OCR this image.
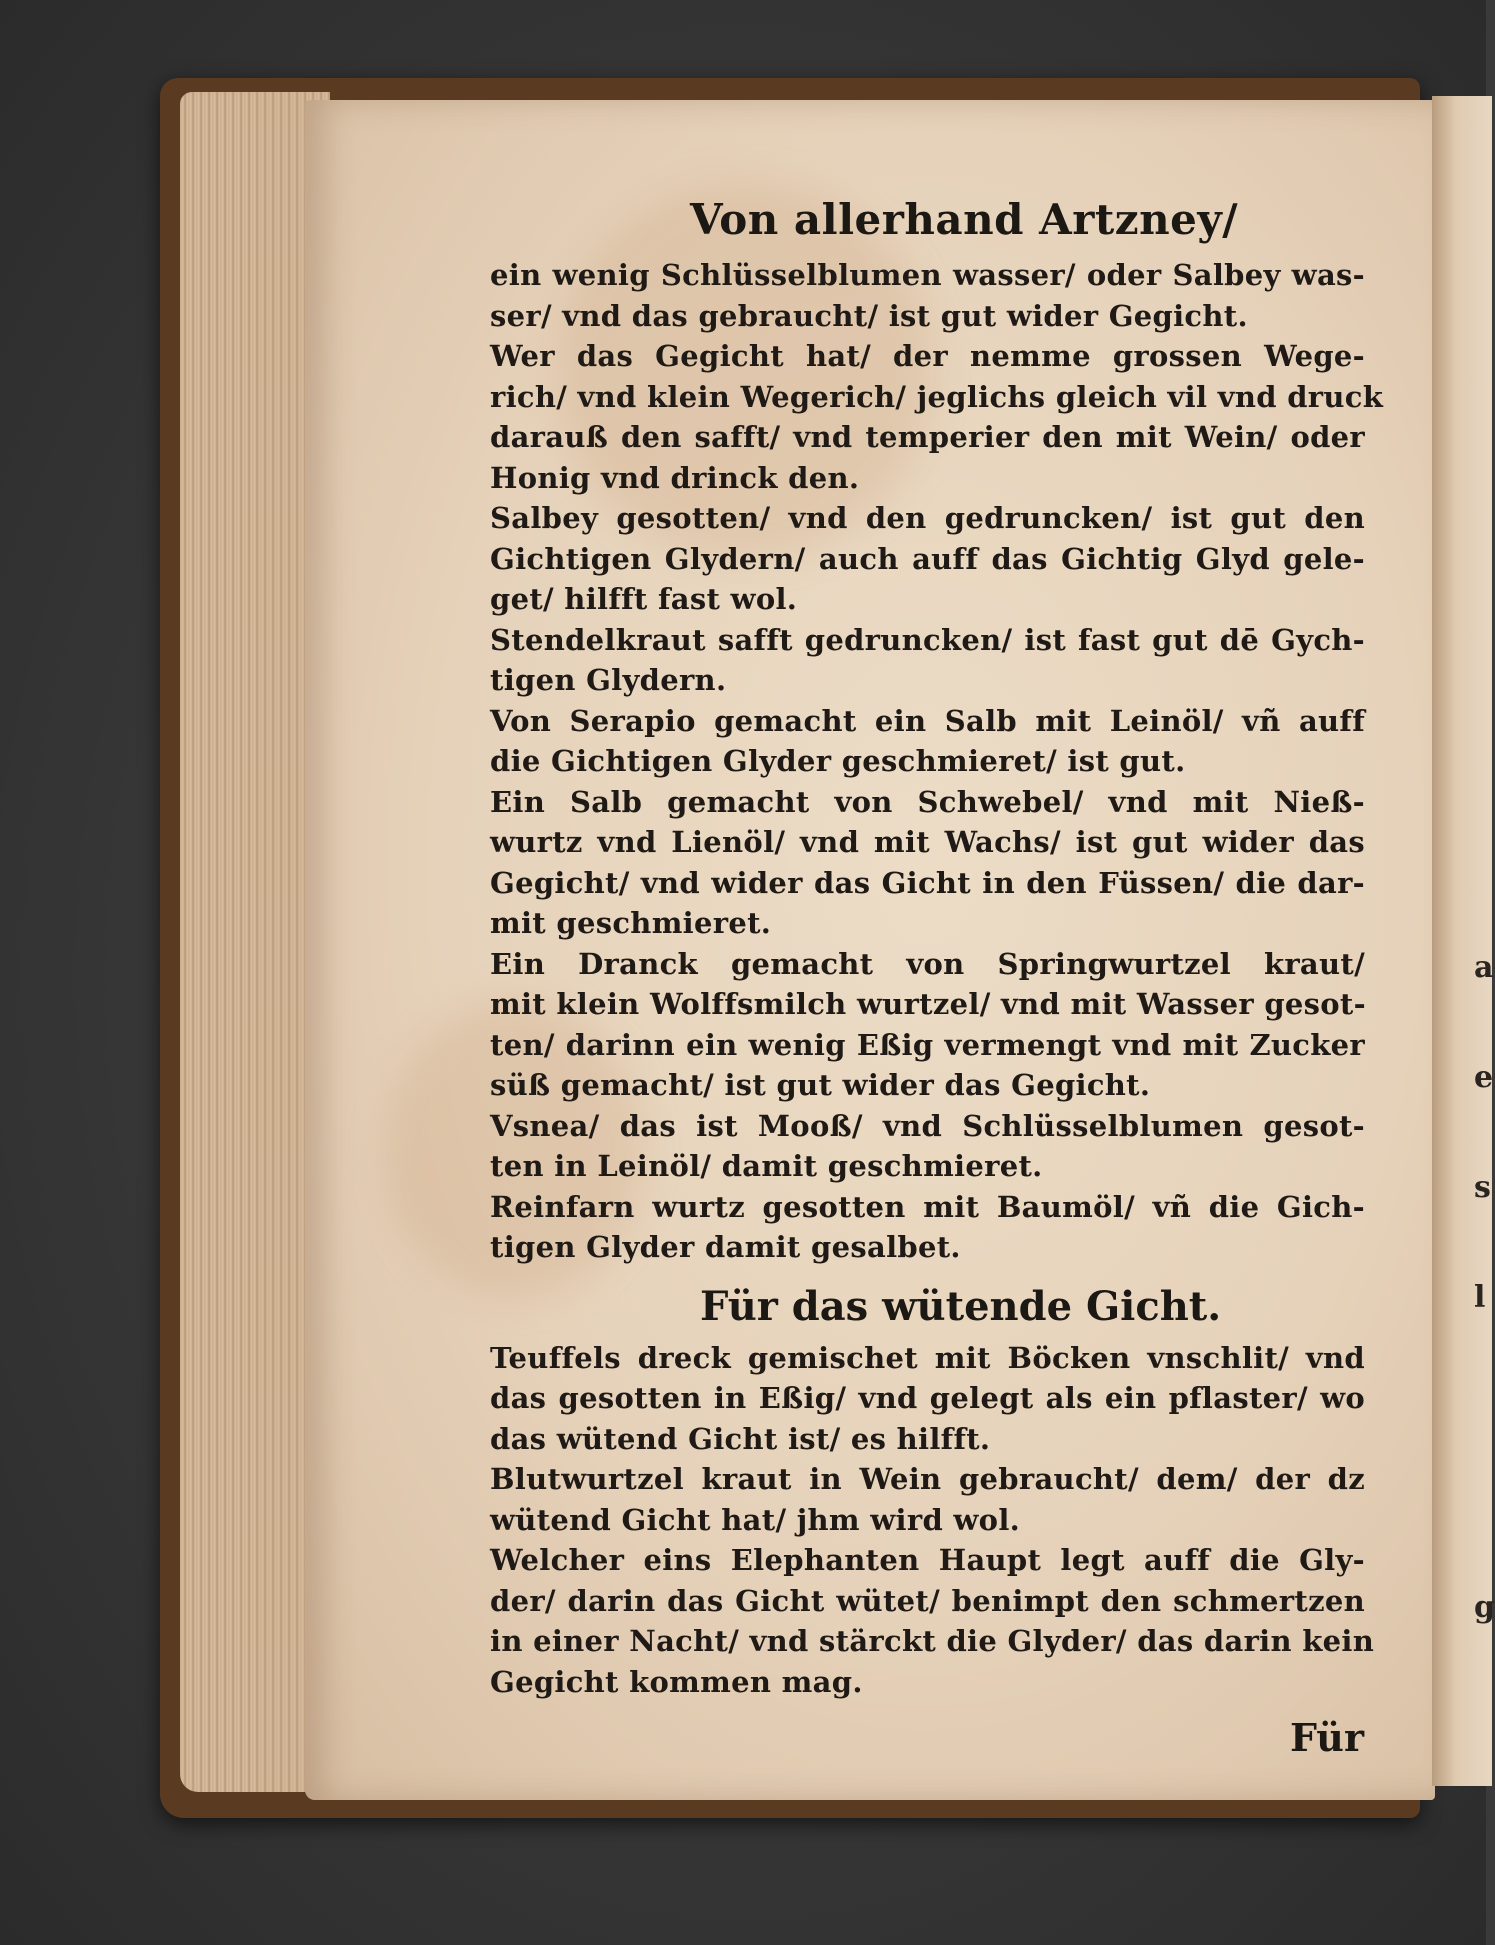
a
e
s
l
g
Von allerhand Artzney/
ein wenig Schlüsselblumen wasser/ oder Salbey was-
ser/ vnd das gebraucht/ ist gut wider Gegicht.
Wer das Gegicht hat/ der nemme grossen Wege-
rich/ vnd klein Wegerich/ jeglichs gleich vil vnd druck
darauß den safft/ vnd temperier den mit Wein/ oder
Honig vnd drinck den.
Salbey gesotten/ vnd den gedruncken/ ist gut den
Gichtigen Glydern/ auch auff das Gichtig Glyd gele-
get/ hilfft fast wol.
Stendelkraut safft gedruncken/ ist fast gut dē Gych-
tigen Glydern.
Von Serapio gemacht ein Salb mit Leinöl/ vñ auff
die Gichtigen Glyder geschmieret/ ist gut.
Ein Salb gemacht von Schwebel/ vnd mit Nieß-
wurtz vnd Lienöl/ vnd mit Wachs/ ist gut wider das
Gegicht/ vnd wider das Gicht in den Füssen/ die dar-
mit geschmieret.
Ein Dranck gemacht von Springwurtzel kraut/
mit klein Wolffsmilch wurtzel/ vnd mit Wasser gesot-
ten/ darinn ein wenig Eßig vermengt vnd mit Zucker
süß gemacht/ ist gut wider das Gegicht.
Vsnea/ das ist Mooß/ vnd Schlüsselblumen gesot-
ten in Leinöl/ damit geschmieret.
Reinfarn wurtz gesotten mit Baumöl/ vñ die Gich-
tigen Glyder damit gesalbet.
Für das wütende Gicht.
Teuffels dreck gemischet mit Böcken vnschlit/ vnd
das gesotten in Eßig/ vnd gelegt als ein pflaster/ wo
das wütend Gicht ist/ es hilfft.
Blutwurtzel kraut in Wein gebraucht/ dem/ der dz
wütend Gicht hat/ jhm wird wol.
Welcher eins Elephanten Haupt legt auff die Gly-
der/ darin das Gicht wütet/ benimpt den schmertzen
in einer Nacht/ vnd stärckt die Glyder/ das darin kein
Gegicht kommen mag.
Für
